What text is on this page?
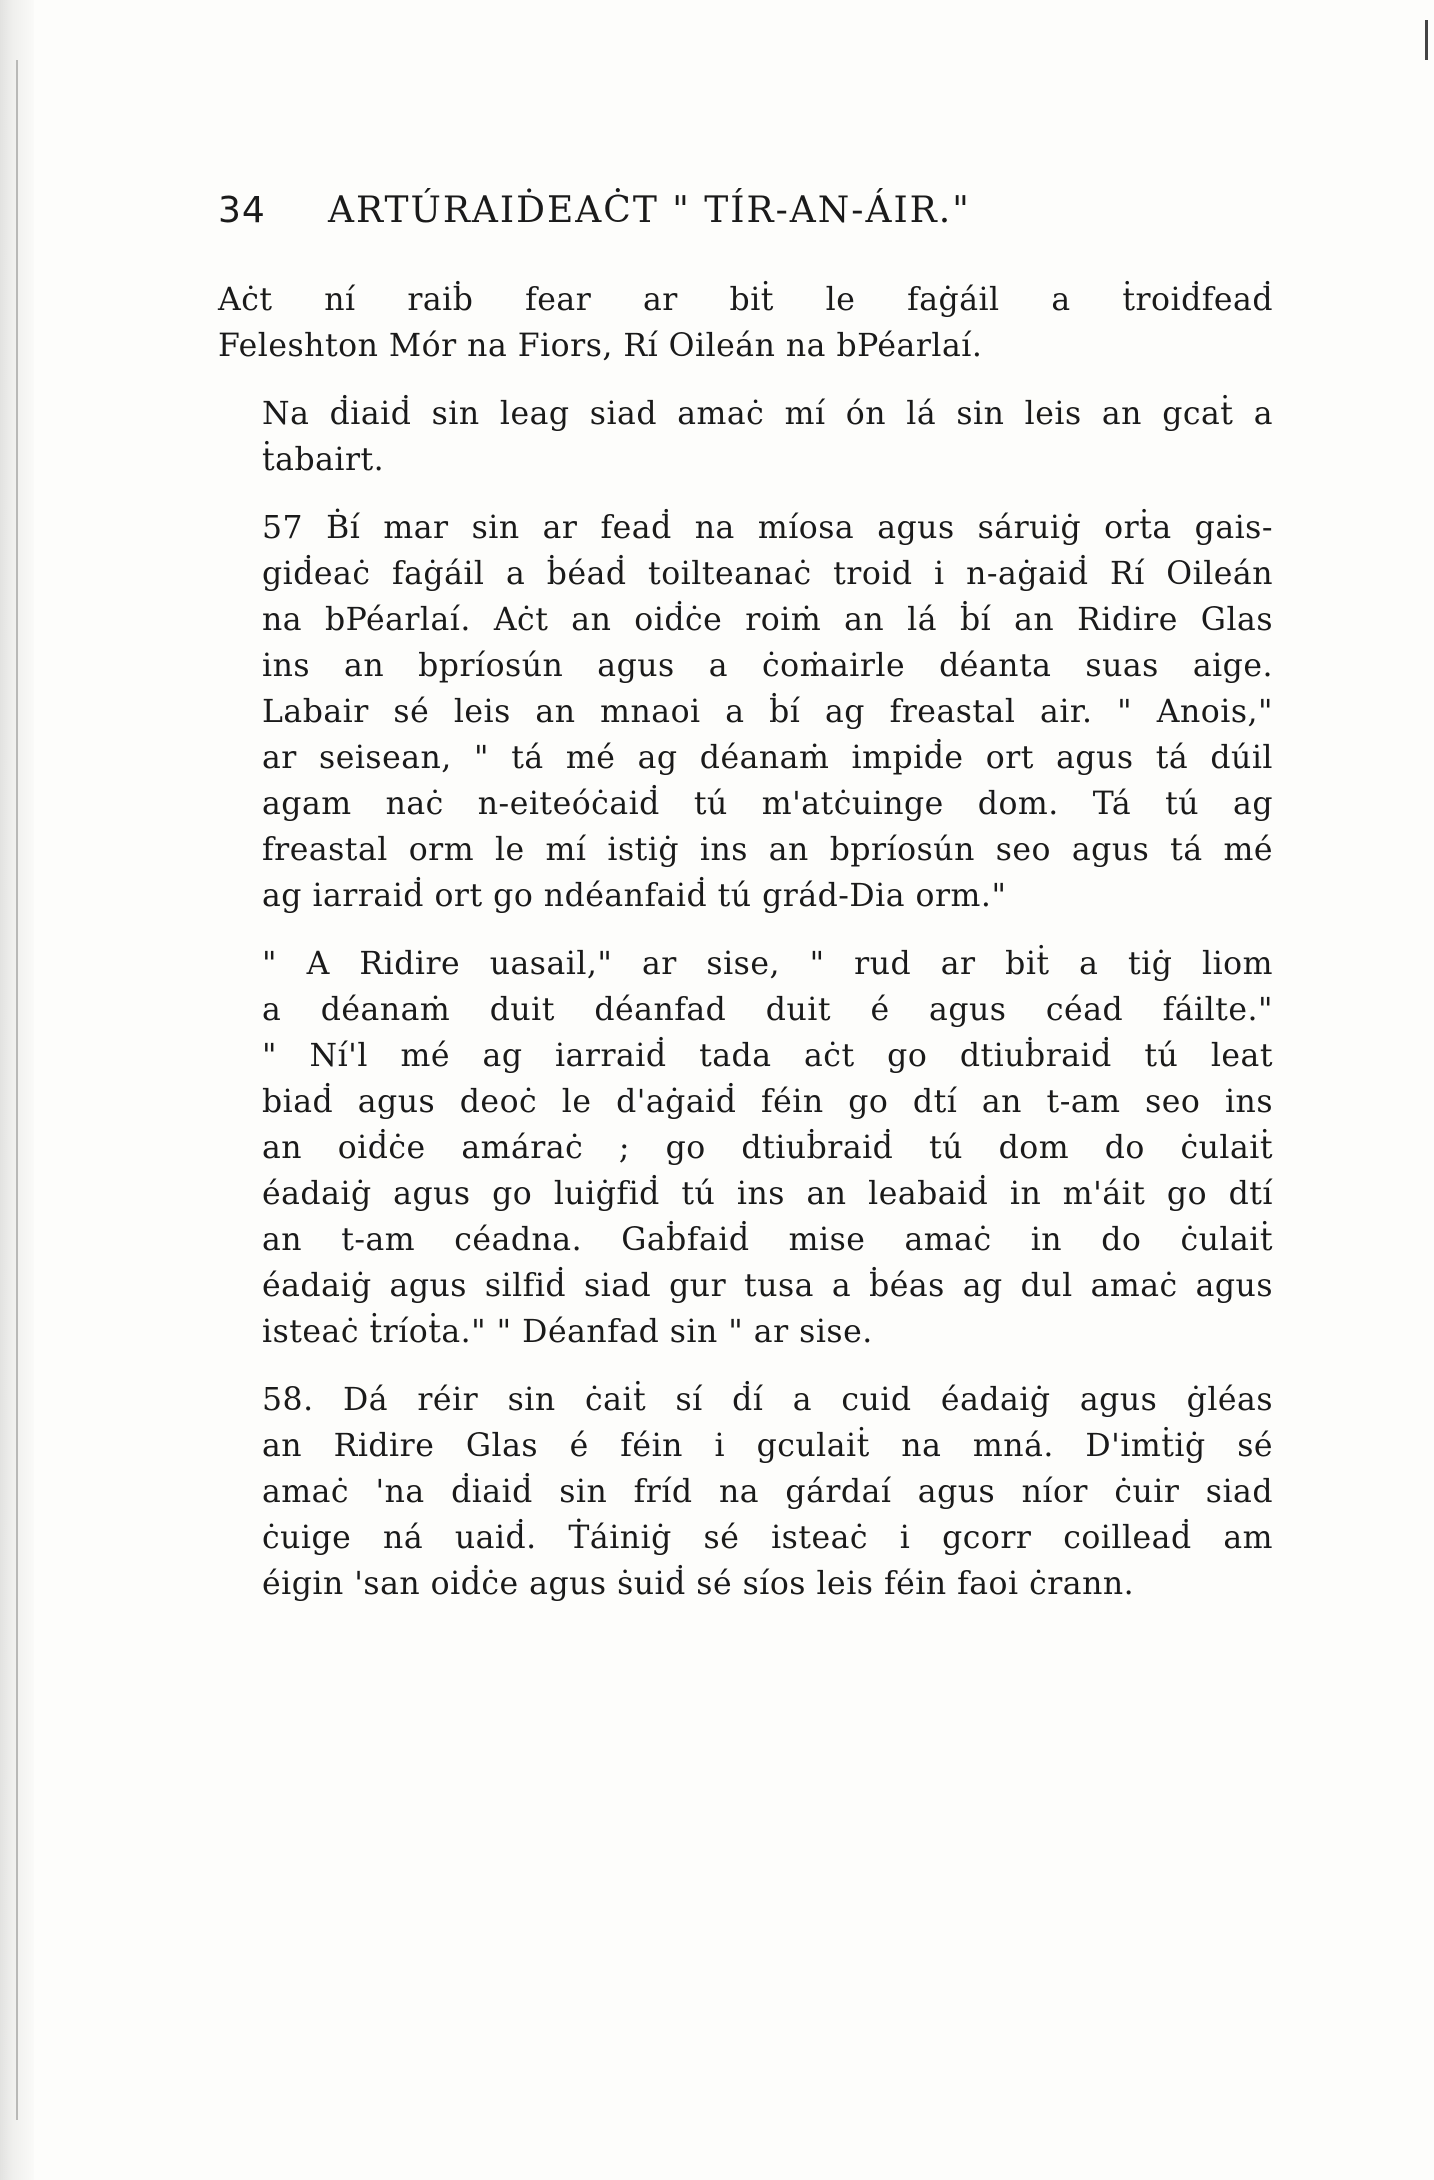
34	ARTÚRAIḊEAĊT " TÍR-AN-ÁIR."
Aċt ní raiḃ fear ar biṫ le faġáil a ṫroiḋfeaḋ
Feleshton Mór na Fiors, Rí Oileán na bPéarlaí.
Na ḋiaiḋ sin leag siad amaċ mí ón lá sin leis an gcaṫ a
ṫabairt.
57 Ḃí mar sin ar feaḋ na míosa agus sáruiġ orṫa gais-
giḋeaċ faġáil a ḃéaḋ toilteanaċ troid i n-aġaiḋ Rí Oileán
na bPéarlaí. Aċt an oiḋċe roiṁ an lá ḃí an Ridire Glas
ins an bpríosún agus a ċoṁairle déanta suas aige.
Labair sé leis an mnaoi a ḃí ag freastal air. " Anois,"
ar seisean, " tá mé ag déanaṁ impiḋe ort agus tá dúil
agam naċ n-eiteóċaiḋ tú m'atċuinge dom. Tá tú ag
freastal orm le mí istiġ ins an bpríosún seo agus tá mé
ag iarraiḋ ort go ndéanfaiḋ tú grád-Dia orm."
" A Ridire uasail," ar sise, " rud ar biṫ a tiġ liom
a déanaṁ duit déanfad duit é agus céad fáilte."
" Ní'l mé ag iarraiḋ tada aċt go dtiuḃraiḋ tú leat
biaḋ agus deoċ le d'aġaiḋ féin go dtí an t-am seo ins
an oiḋċe amáraċ ; go dtiuḃraiḋ tú dom do ċulaiṫ
éadaiġ agus go luiġfiḋ tú ins an leabaiḋ in m'áit go dtí
an t-am céadna. Gaḃfaiḋ mise amaċ in do ċulaiṫ
éadaiġ agus silfiḋ siad gur tusa a ḃéas ag dul amaċ agus
isteaċ ṫríoṫa." " Déanfad sin " ar sise.
58. Dá réir sin ċaiṫ sí ḋí a cuid éadaiġ agus ġléas
an Ridire Glas é féin i gculaiṫ na mná. D'imṫiġ sé
amaċ 'na ḋiaiḋ sin fríd na gárdaí agus níor ċuir siad
ċuige ná uaiḋ. Ṫáiniġ sé isteaċ i gcorr coilleaḋ am
éigin 'san oiḋċe agus ṡuiḋ sé síos leis féin faoi ċrann.
